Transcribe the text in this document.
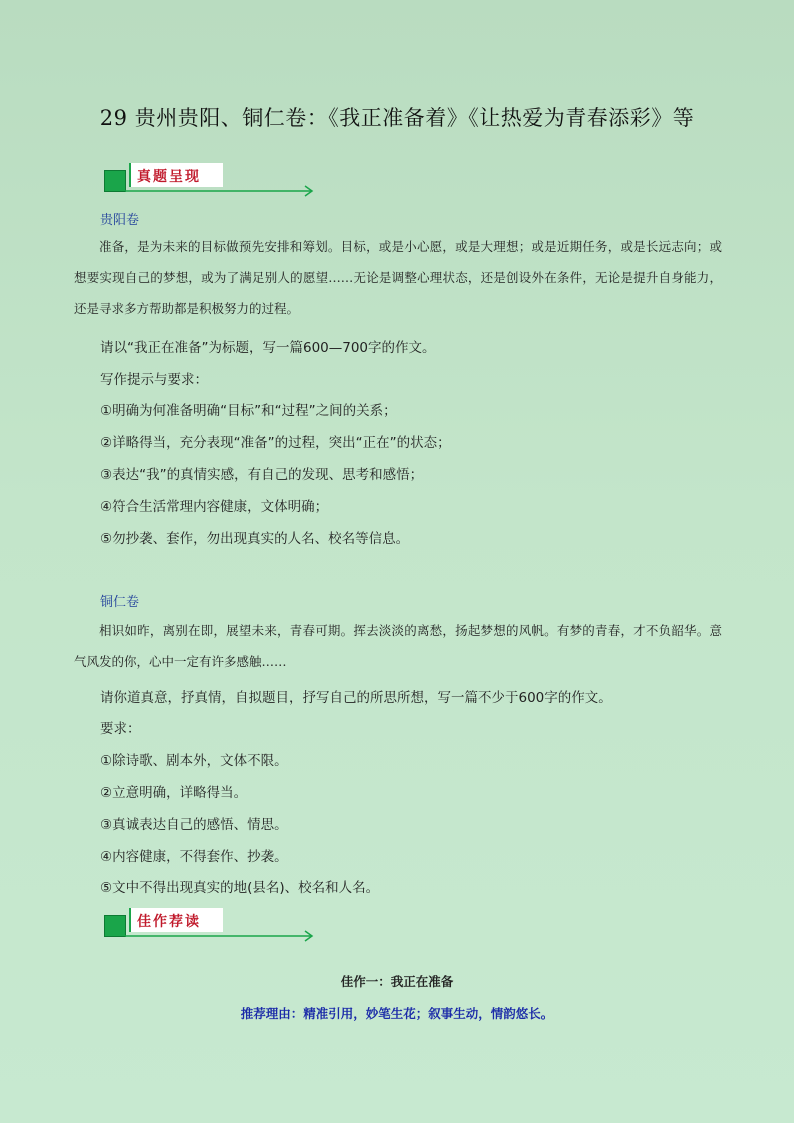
29 贵州贵阳、铜仁卷：《我正准备着》《让热爱为青春添彩》等
真题呈现
贵阳卷
准备，是为未来的目标做预先安排和筹划。目标，或是小心愿，或是大理想；或是近期任务，或是长远志向；或想要实现自己的梦想，或为了满足别人的愿望……无论是调整心理状态，还是创设外在条件，无论是提升自身能力，还是寻求多方帮助都是积极努力的过程。
请以“我正在准备”为标题，写一篇600—700字的作文。
写作提示与要求：
①明确为何准备明确“目标”和“过程”之间的关系；
②详略得当，充分表现“准备”的过程，突出“正在”的状态；
③表达“我”的真情实感，有自己的发现、思考和感悟；
④符合生活常理内容健康，文体明确；
⑤勿抄袭、套作，勿出现真实的人名、校名等信息。
铜仁卷
相识如昨，离别在即，展望未来，青春可期。挥去淡淡的离愁，扬起梦想的风帆。有梦的青春，才不负韶华。意气风发的你，心中一定有许多感触……
请你道真意，抒真情，自拟题目，抒写自己的所思所想，写一篇不少于600字的作文。
要求：
①除诗歌、剧本外，文体不限。
②立意明确，详略得当。
③真诚表达自己的感悟、情思。
④内容健康，不得套作、抄袭。
⑤文中不得出现真实的地(县名)、校名和人名。
佳作荐读
佳作一：我正在准备
推荐理由：精准引用，妙笔生花；叙事生动，情韵悠长。
